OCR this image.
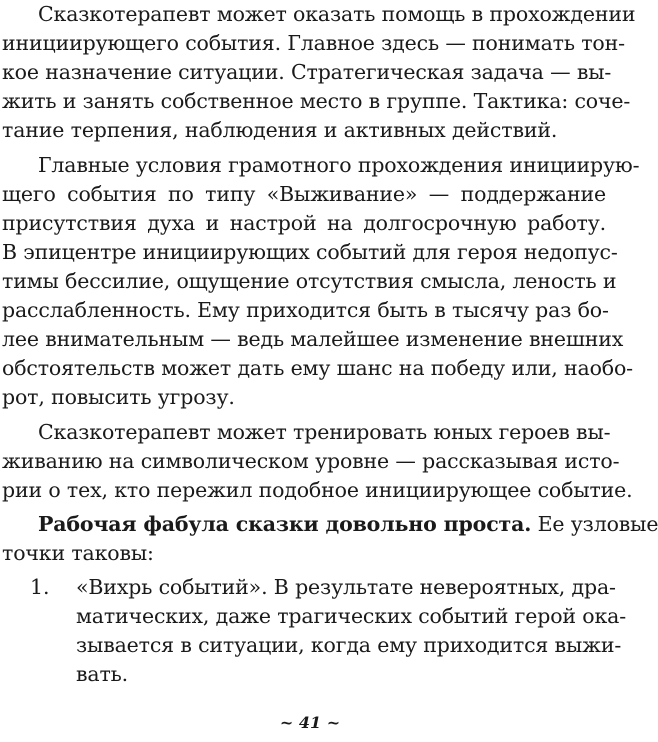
Сказкотерапевт может оказать помощь в прохождении
инициирующего события. Главное здесь — понимать тон-
кое назначение ситуации. Стратегическая задача — вы-
жить и занять собственное место в группе. Тактика: сочe-
тание терпения, наблюдения и активных действий.
Главные условия грамотного прохождения инициирую-
щего события по типу «Выживание» — поддержание
присутствия духа и настрой на долгосрочную работу.
В эпицентре инициирующих событий для героя недопус-
тимы бессилие, ощущение отсутствия смысла, леность и
расслабленность. Ему приходится быть в тысячу раз бо-
лее внимательным — ведь малейшее изменение внешних
обстоятельств может дать ему шанс на победу или, наобо-
рот, повысить угрозу.
Сказкотерапевт может тренировать юных героев вы-
живанию на символическом уровне — рассказывая исто-
рии о тех, кто пережил подобное инициирующее событие.
Рабочая фабула сказки довольно проста. Ее узловые
точки таковы:
1. «Вихрь событий». В результате невероятных, дра-
матических, даже трагических событий герой ока-
зывается в ситуации, когда ему приходится выжи-
вать.
~ 41 ~
